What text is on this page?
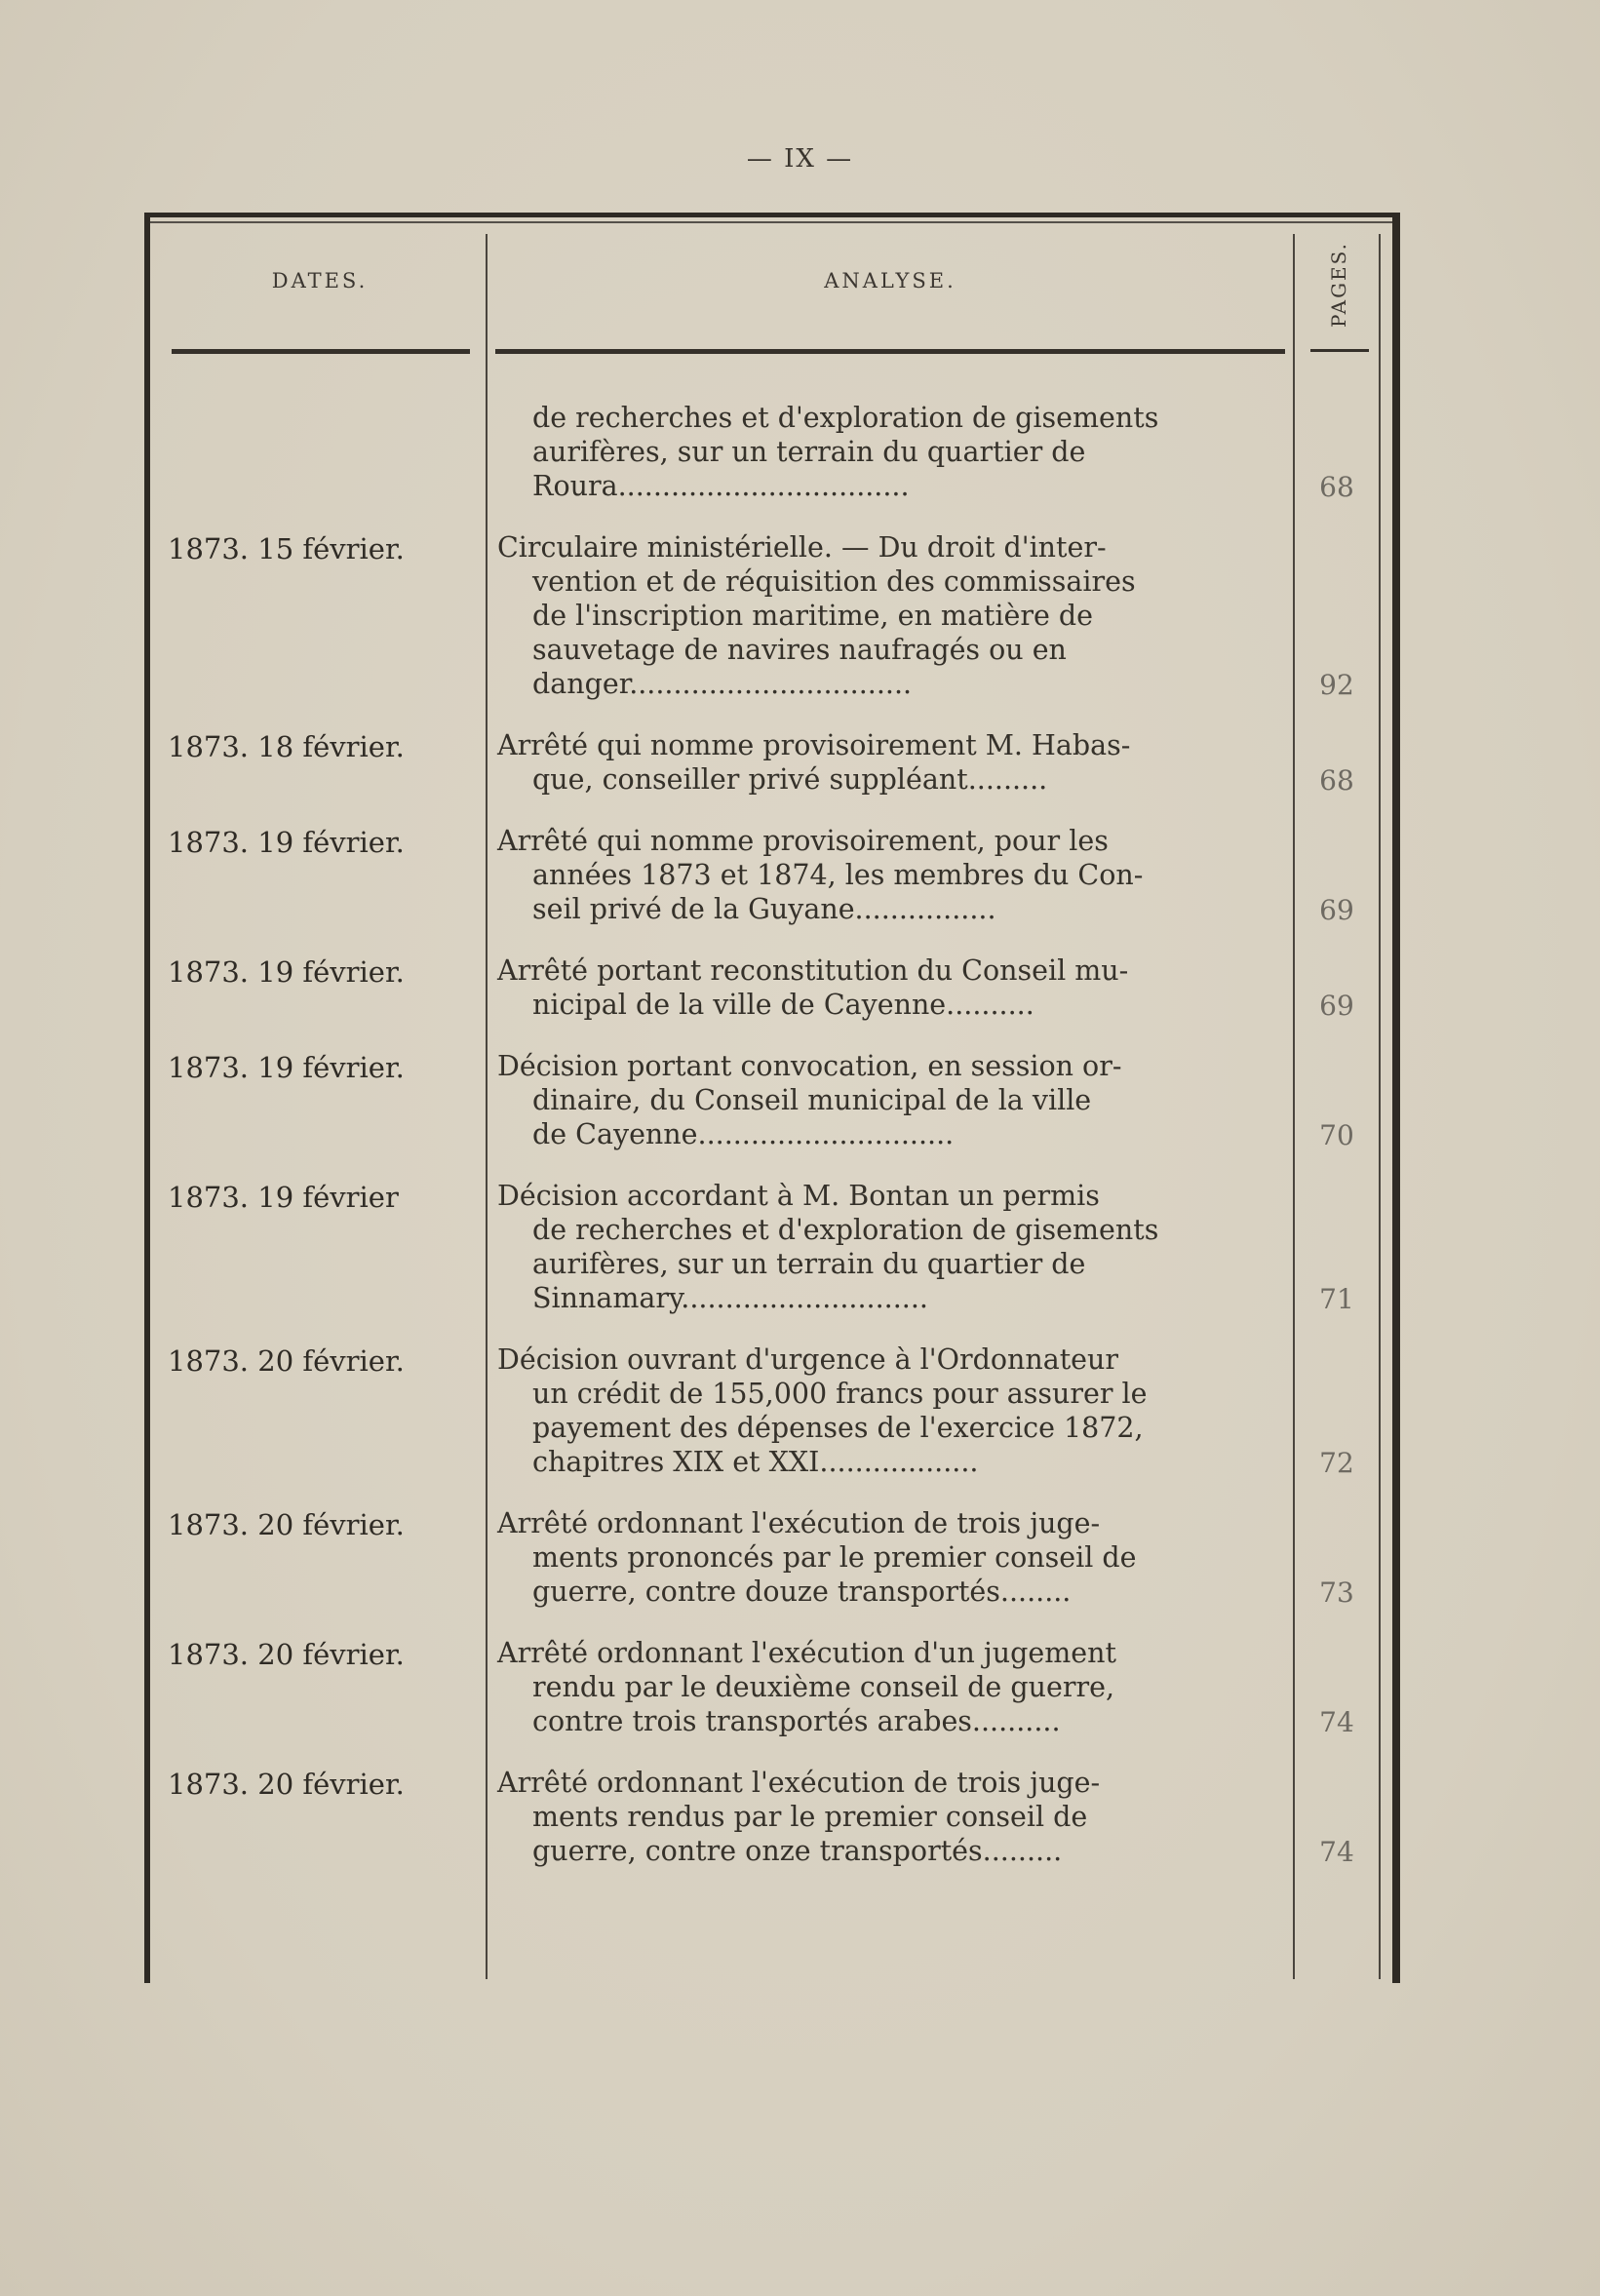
— IX —
DATES.	ANALYSE.	PAGES.
de recherches et d'exploration de gisements
aurifères, sur un terrain du quartier de
Roura.................................	68
1873. 15 février.	Circulaire ministérielle. — Du droit d'inter-
vention et de réquisition des commissaires
de l'inscription maritime, en matière de
sauvetage de navires naufragés ou en
danger................................	92
1873. 18 février.	Arrêté qui nomme provisoirement M. Habas-
que, conseiller privé suppléant.........	68
1873. 19 février.	Arrêté qui nomme provisoirement, pour les
années 1873 et 1874, les membres du Con-
seil privé de la Guyane................	69
1873. 19 février.	Arrêté portant reconstitution du Conseil mu-
nicipal de la ville de Cayenne..........	69
1873. 19 février.	Décision portant convocation, en session or-
dinaire, du Conseil municipal de la ville
de Cayenne.............................	70
1873. 19 février	Décision accordant à M. Bontan un permis
de recherches et d'exploration de gisements
aurifères, sur un terrain du quartier de
Sinnamary............................	71
1873. 20 février.	Décision ouvrant d'urgence à l'Ordonnateur
un crédit de 155,000 francs pour assurer le
payement des dépenses de l'exercice 1872,
chapitres XIX et XXI..................	72
1873. 20 février.	Arrêté ordonnant l'exécution de trois juge-
ments prononcés par le premier conseil de
guerre, contre douze transportés........	73
1873. 20 février.	Arrêté ordonnant l'exécution d'un jugement
rendu par le deuxième conseil de guerre,
contre trois transportés arabes..........	74
1873. 20 février.	Arrêté ordonnant l'exécution de trois juge-
ments rendus par le premier conseil de
guerre, contre onze transportés.........	74
